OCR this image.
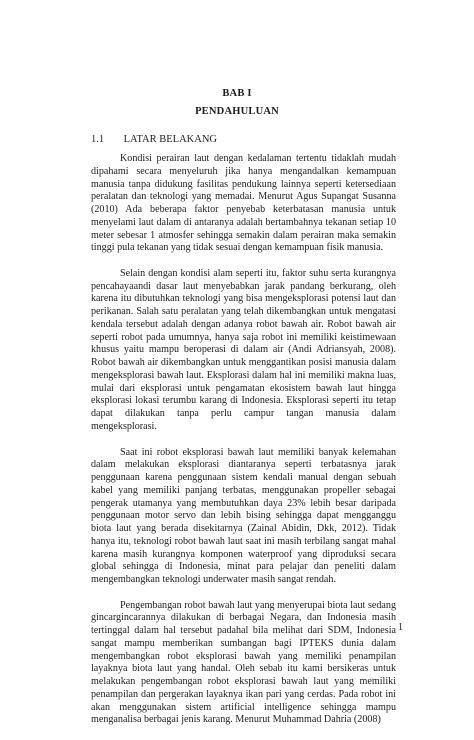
BAB I
PENDAHULUAN
1.1 LATAR BELAKANG

Kondisi perairan laut dengan kedalaman tertentu tidaklah mudah dipahami secara menyeluruh jika hanya mengandalkan kemampuan manusia tanpa didukung fasilitas pendukung lainnya seperti ketersediaan peralatan dan teknologi yang memadai. Menurut Agus Supangat Susanna (2010) Ada beberapa faktor penyebab keterbatasan manusia untuk menyelami laut dalam di antaranya adalah bertambahnya tekanan setiap 10 meter sebesar 1 atmosfer sehingga semakin dalam perairan maka semakin tinggi pula tekanan yang tidak sesuai dengan kemampuan fisik manusia.

Selain dengan kondisi alam seperti itu, faktor suhu serta kurangnya pencahayaandi dasar laut menyebabkan jarak pandang berkurang, oleh karena itu dibutuhkan teknologi yang bisa mengeksplorasi potensi laut dan perikanan. Salah satu peralatan yang telah dikembangkan untuk mengatasi kendala tersebut adalah dengan adanya robot bawah air. Robot bawah air seperti robot pada umumnya, hanya saja robot ini memiliki keistimewaan khusus yaitu mampu beroperasi di dalam air (Andi Adriansyah, 2008). Robot bawah air dikembangkan untuk menggantikan posisi manusia dalam mengeksplorasi bawah laut. Eksplorasi dalam hal ini memiliki makna luas, mulai dari eksplorasi untuk pengamatan ekosistem bawah laut hingga eksplorasi lokasi terumbu karang di Indonesia. Eksplorasi seperti itu tetap dapat dilakukan tanpa perlu campur tangan manusia dalam mengeksplorasi.

Saat ini robot eksplorasi bawah laut memiliki banyak kelemahan dalam melakukan eksplorasi diantaranya seperti terbatasnya jarak penggunaan karena penggunaan sistem kendali manual dengan sebuah kabel yang memiliki panjang terbatas, menggunakan propeller sebagai pengerak utamanya yang membutuhkan daya 23% lebih besar daripada penggunaan motor servo dan lebih bising sehingga dapat mengganggu biota laut yang berada disekitarnya (Zainal Abidin, Dkk, 2012). Tidak hanya itu, teknologi robot bawah laut saat ini masih terbilang sangat mahal karena masih kurangnya komponen waterproof yang diproduksi secara global sehingga di Indonesia, minat para pelajar dan peneliti dalam mengembangkan teknologi underwater masih sangat rendah.

Pengembangan robot bawah laut yang menyerupai biota laut sedang gincargincarannya dilakukan di berbagai Negara, dan Indonesia masih tertinggal dalam hal tersebut padahal bila melihat dari SDM, Indonesia sangat mampu memberikan sumbangan bagi IPTEKS dunia dalam mengembangkan robot eksplorasi bawah yang memiliki penampilan layaknya biota laut yang handal. Oleh sebab itu kami bersikeras untuk melakukan pengembangan robot eksplorasi bawah laut yang memiliki penampilan dan pergerakan layaknya ikan pari yang cerdas. Pada robot ini akan menggunakan sistem artificial intelligence sehingga mampu menganalisa berbagai jenis karang. Menurut Muhammad Dahria (2008)

1
